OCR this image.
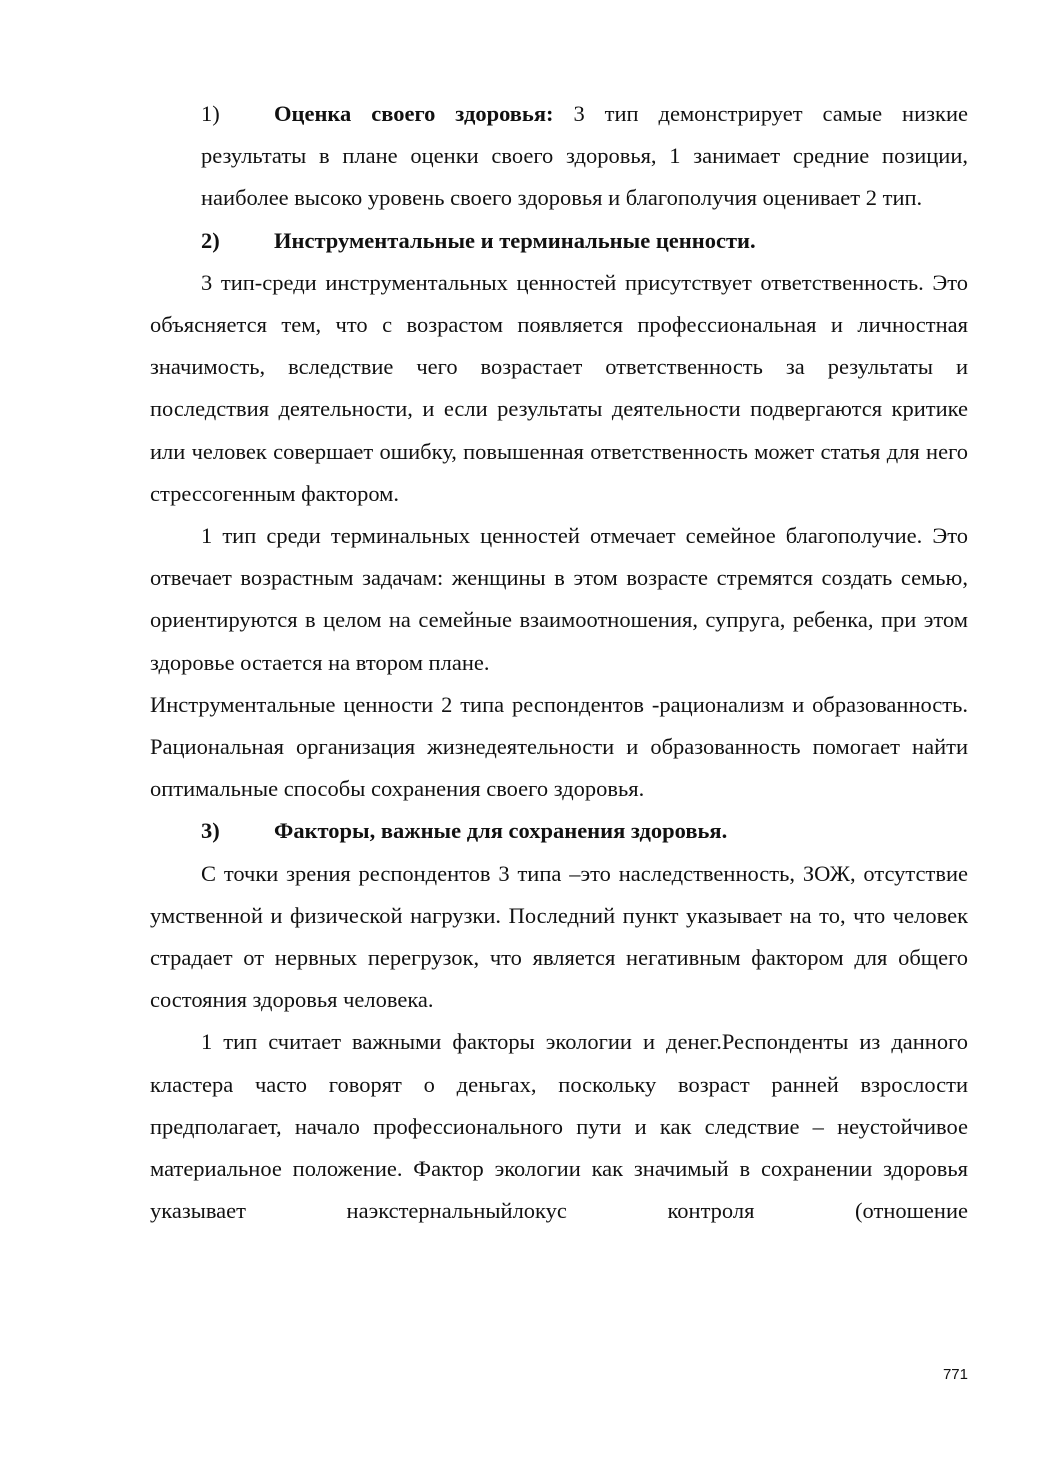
1) Оценка своего здоровья: 3 тип демонстрирует самые низкие результаты в плане оценки своего здоровья, 1 занимает средние позиции, наиболее высоко уровень своего здоровья и благополучия оценивает 2 тип.

2) Инструментальные и терминальные ценности.

3 тип-среди инструментальных ценностей присутствует ответственность. Это объясняется тем, что с возрастом появляется профессиональная и личностная значимость, вследствие чего возрастает ответственность за результаты и последствия деятельности, и если результаты деятельности подвергаются критике или человек совершает ошибку, повышенная ответственность может статья для него стрессогенным фактором.

1 тип среди терминальных ценностей отмечает семейное благополучие. Это отвечает возрастным задачам: женщины в этом возрасте стремятся создать семью, ориентируются в целом на семейные взаимоотношения, супруга, ребенка, при этом здоровье остается на втором плане.

Инструментальные ценности 2 типа респондентов -рационализм и образованность. Рациональная организация жизнедеятельности и образованность помогает найти оптимальные способы сохранения своего здоровья.

3) Факторы, важные для сохранения здоровья.

С точки зрения респондентов 3 типа –это наследственность, ЗОЖ, отсутствие умственной и физической нагрузки. Последний пункт указывает на то, что человек страдает от нервных перегрузок, что является негативным фактором для общего состояния здоровья человека.

1 тип считает важными факторы экологии и денег.Респонденты из данного кластера часто говорят о деньгах, поскольку возраст ранней взрослости предполагает, начало профессионального пути и как следствие – неустойчивое материальное положение. Фактор экологии как значимый в сохранении здоровья указывает наэкстернальныйлокус контроля (отношение

771
